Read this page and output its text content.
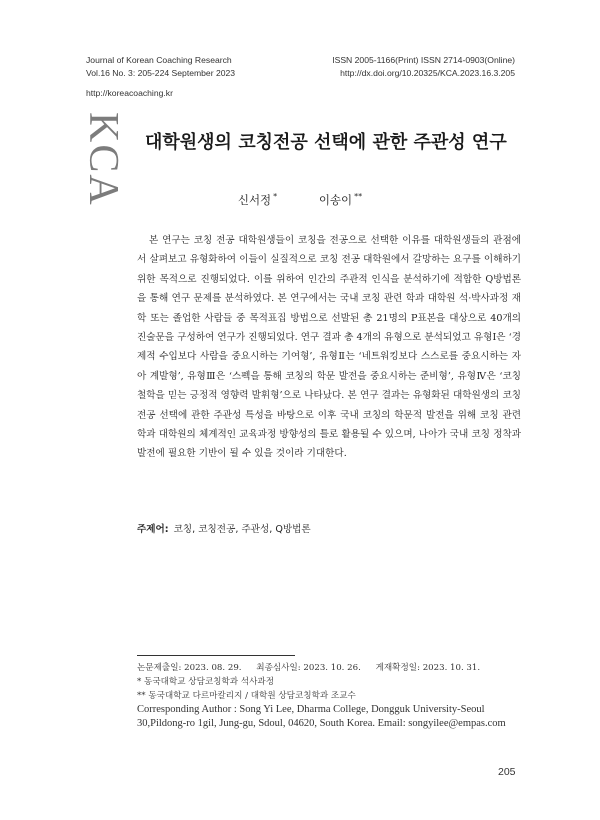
Journal of Korean Coaching Research
Vol.16 No. 3: 205-224 September 2023
ISSN 2005-1166(Print) ISSN 2714-0903(Online)
http://dx.doi.org/10.20325/KCA.2023.16.3.205
http://koreacoaching.kr
KCA 대학원생의 코칭전공 선택에 관한 주관성 연구
신서정 *	이송이 **
본 연구는 코칭 전공 대학원생들이 코칭을 전공으로 선택한 이유를 대학원생들의 관점에서 살펴보고 유형화하여 이들이 실질적으로 코칭 전공 대학원에서 갈망하는 요구를 이해하기 위한 목적으로 진행되었다. 이를 위하여 인간의 주관적 인식을 분석하기에 적합한 Q방법론을 통해 연구 문제를 분석하였다. 본 연구에서는 국내 코칭 관련 학과 대학원 석·박사과정 재학 또는 졸업한 사람들 중 목적표집 방법으로 선발된 총 21명의 P표본을 대상으로 40개의 진술문을 구성하여 연구가 진행되었다. 연구 결과 총 4개의 유형으로 분석되었고 유형Ⅰ은 ‘경제적 수입보다 사람을 중요시하는 기여형’, 유형Ⅱ는 ‘네트워킹보다 스스로를 중요시하는 자아 계발형’, 유형Ⅲ은 ‘스펙을 통해 코칭의 학문 발전을 중요시하는 준비형’, 유형Ⅳ은 ‘코칭 철학을 믿는 긍정적 영향력 발휘형’으로 나타났다. 본 연구 결과는 유형화된 대학원생의 코칭전공 선택에 관한 주관성 특성을 바탕으로 이후 국내 코칭의 학문적 발전을 위해 코칭 관련 학과 대학원의 체계적인 교육과정 방향성의 틀로 활용될 수 있으며, 나아가 국내 코칭 정착과 발전에 필요한 기반이 될 수 있을 것이라 기대한다.
주제어: 코칭, 코칭전공, 주관성, Q방법론
논문제출일: 2023. 08. 29. 최종심사일: 2023. 10. 26. 게재확정일: 2023. 10. 31.
* 동국대학교 상담코칭학과 석사과정
** 동국대학교 다르마칼리지 / 대학원 상담코칭학과 조교수
Corresponding Author : Song Yi Lee, Dharma College, Dongguk University-Seoul 30,Pildong-ro 1gil, Jung-gu, Sdoul, 04620, South Korea. Email: songyilee@empas.com
205
